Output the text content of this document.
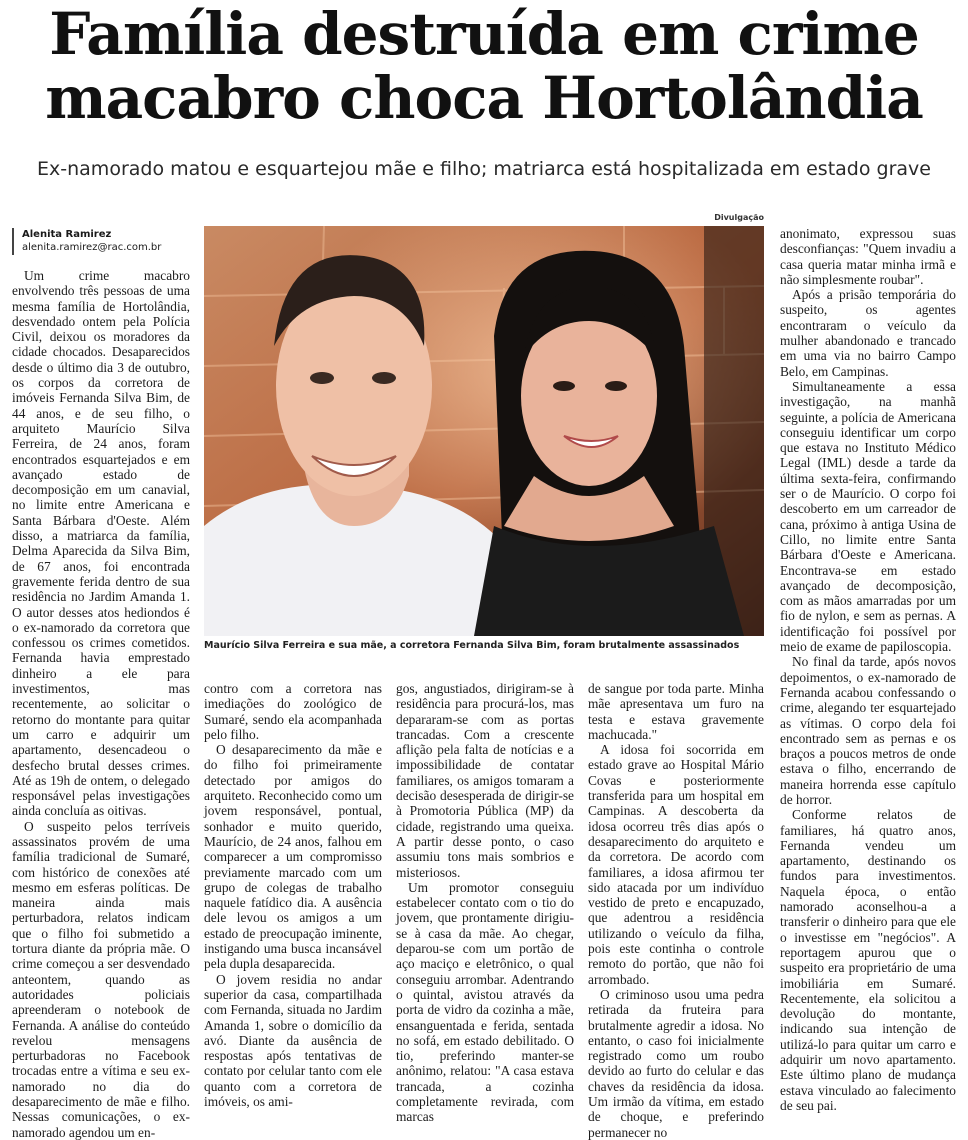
Família destruída em crime macabro choca Hortolândia

Ex-namorado matou e esquartejou mãe e filho; matriarca está hospitalizada em estado grave

Alenita Ramirez
alenita.ramirez@rac.com.br

Um crime macabro envolvendo três pessoas de uma mesma família de Hortolândia, desvendado ontem pela Polícia Civil, deixou os moradores da cidade chocados. Desaparecidos desde o último dia 3 de outubro, os corpos da corretora de imóveis Fernanda Silva Bim, de 44 anos, e de seu filho, o arquiteto Maurício Silva Ferreira, de 24 anos, foram encontrados esquartejados e em avançado estado de decomposição em um canavial, no limite entre Americana e Santa Bárbara d'Oeste. Além disso, a matriarca da família, Delma Aparecida da Silva Bim, de 67 anos, foi encontrada gravemente ferida dentro de sua residência no Jardim Amanda 1. O autor desses atos hediondos é o ex-namorado da corretora que confessou os crimes cometidos. Fernanda havia emprestado dinheiro a ele para investimentos, mas recentemente, ao solicitar o retorno do montante para quitar um carro e adquirir um apartamento, desencadeou o desfecho brutal desses crimes. Até as 19h de ontem, o delegado responsável pelas investigações ainda concluía as oitivas.

O suspeito pelos terríveis assassinatos provém de uma família tradicional de Sumaré, com histórico de conexões até mesmo em esferas políticas. De maneira ainda mais perturbadora, relatos indicam que o filho foi submetido a tortura diante da própria mãe. O crime começou a ser desvendado anteontem, quando as autoridades policiais apreenderam o notebook de Fernanda. A análise do conteúdo revelou mensagens perturbadoras no Facebook trocadas entre a vítima e seu ex-namorado no dia do desaparecimento de mãe e filho. Nessas comunicações, o ex-namorado agendou um en-

Divulgação
Maurício Silva Ferreira e sua mãe, a corretora Fernanda Silva Bim, foram brutalmente assassinados

contro com a corretora nas imediações do zoológico de Sumaré, sendo ela acompanhada pelo filho.

O desaparecimento da mãe e do filho foi primeiramente detectado por amigos do arquiteto. Reconhecido como um jovem responsável, pontual, sonhador e muito querido, Maurício, de 24 anos, falhou em comparecer a um compromisso previamente marcado com um grupo de colegas de trabalho naquele fatídico dia. A ausência dele levou os amigos a um estado de preocupação iminente, instigando uma busca incansável pela dupla desaparecida.

O jovem residia no andar superior da casa, compartilhada com Fernanda, situada no Jardim Amanda 1, sobre o domicílio da avó. Diante da ausência de respostas após tentativas de contato por celular tanto com ele quanto com a corretora de imóveis, os ami-

gos, angustiados, dirigiram-se à residência para procurá-los, mas depararam-se com as portas trancadas. Com a crescente aflição pela falta de notícias e a impossibilidade de contatar familiares, os amigos tomaram a decisão desesperada de dirigir-se à Promotoria Pública (MP) da cidade, registrando uma queixa. A partir desse ponto, o caso assumiu tons mais sombrios e misteriosos.

Um promotor conseguiu estabelecer contato com o tio do jovem, que prontamente dirigiu-se à casa da mãe. Ao chegar, deparou-se com um portão de aço maciço e eletrônico, o qual conseguiu arrombar. Adentrando o quintal, avistou através da porta de vidro da cozinha a mãe, ensanguentada e ferida, sentada no sofá, em estado debilitado. O tio, preferindo manter-se anônimo, relatou: "A casa estava trancada, a cozinha completamente revirada, com marcas

de sangue por toda parte. Minha mãe apresentava um furo na testa e estava gravemente machucada."

A idosa foi socorrida em estado grave ao Hospital Mário Covas e posteriormente transferida para um hospital em Campinas. A descoberta da idosa ocorreu três dias após o desaparecimento do arquiteto e da corretora. De acordo com familiares, a idosa afirmou ter sido atacada por um indivíduo vestido de preto e encapuzado, que adentrou a residência utilizando o veículo da filha, pois este continha o controle remoto do portão, que não foi arrombado.

O criminoso usou uma pedra retirada da fruteira para brutalmente agredir a idosa. No entanto, o caso foi inicialmente registrado como um roubo devido ao furto do celular e das chaves da residência da idosa. Um irmão da vítima, em estado de choque, e preferindo permanecer no

anonimato, expressou suas desconfianças: "Quem invadiu a casa queria matar minha irmã e não simplesmente roubar".

Após a prisão temporária do suspeito, os agentes encontraram o veículo da mulher abandonado e trancado em uma via no bairro Campo Belo, em Campinas.

Simultaneamente a essa investigação, na manhã seguinte, a polícia de Americana conseguiu identificar um corpo que estava no Instituto Médico Legal (IML) desde a tarde da última sexta-feira, confirmando ser o de Maurício. O corpo foi descoberto em um carreador de cana, próximo à antiga Usina de Cillo, no limite entre Santa Bárbara d'Oeste e Americana. Encontrava-se em estado avançado de decomposição, com as mãos amarradas por um fio de nylon, e sem as pernas. A identificação foi possível por meio de exame de papiloscopia.

No final da tarde, após novos depoimentos, o ex-namorado de Fernanda acabou confessando o crime, alegando ter esquartejado as vítimas. O corpo dela foi encontrado sem as pernas e os braços a poucos metros de onde estava o filho, encerrando de maneira horrenda esse capítulo de horror.

Conforme relatos de familiares, há quatro anos, Fernanda vendeu um apartamento, destinando os fundos para investimentos. Naquela época, o então namorado aconselhou-a a transferir o dinheiro para que ele o investisse em "negócios". A reportagem apurou que o suspeito era proprietário de uma imobiliária em Sumaré. Recentemente, ela solicitou a devolução do montante, indicando sua intenção de utilizá-lo para quitar um carro e adquirir um novo apartamento. Este último plano de mudança estava vinculado ao falecimento de seu pai.
